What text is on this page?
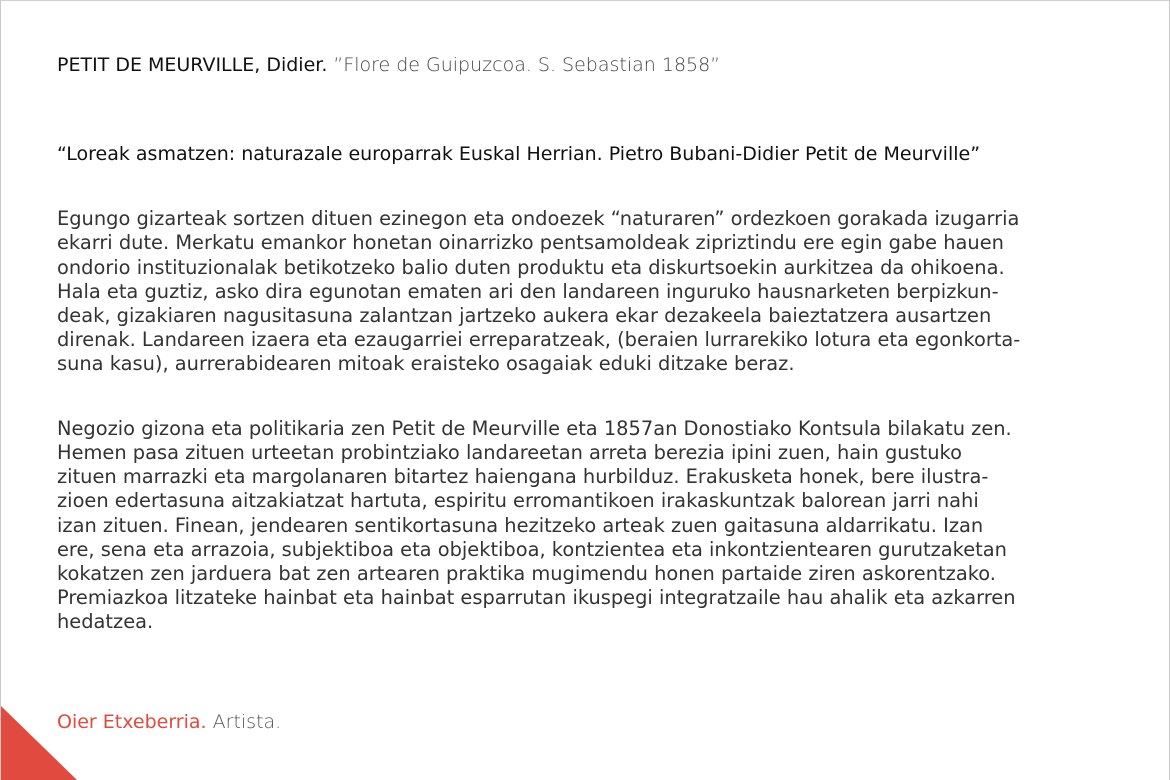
PETIT DE MEURVILLE, Didier. ”Flore de Guipuzcoa. S. Sebastian 1858”
“Loreak asmatzen: naturazale europarrak Euskal Herrian. Pietro Bubani-Didier Petit de Meurville”

Egungo gizarteak sortzen dituen ezinegon eta ondoezek “naturaren” ordezkoen gorakada izugarria
ekarri dute. Merkatu emankor honetan oinarrizko pentsamoldeak zipriztindu ere egin gabe hauen
ondorio instituzionalak betikotzeko balio duten produktu eta diskurtsoekin aurkitzea da ohikoena.
Hala eta guztiz, asko dira egunotan ematen ari den landareen inguruko hausnarketen berpizkun-
deak, gizakiaren nagusitasuna zalantzan jartzeko aukera ekar dezakeela baieztatzera ausartzen
direnak. Landareen izaera eta ezaugarriei erreparatzeak, (beraien lurrarekiko lotura eta egonkorta-
suna kasu), aurrerabidearen mitoak eraisteko osagaiak eduki ditzake beraz.

Negozio gizona eta politikaria zen Petit de Meurville eta 1857an Donostiako Kontsula bilakatu zen.
Hemen pasa zituen urteetan probintziako landareetan arreta berezia ipini zuen, hain gustuko
zituen marrazki eta margolanaren bitartez haiengana hurbilduz. Erakusketa honek, bere ilustra-
zioen edertasuna aitzakiatzat hartuta, espiritu erromantikoen irakaskuntzak balorean jarri nahi
izan zituen. Finean, jendearen sentikortasuna hezitzeko arteak zuen gaitasuna aldarrikatu. Izan
ere, sena eta arrazoia, subjektiboa eta objektiboa, kontzientea eta inkontzientearen gurutzaketan
kokatzen zen jarduera bat zen artearen praktika mugimendu honen partaide ziren askorentzako.
Premiazkoa litzateke hainbat eta hainbat esparrutan ikuspegi integratzaile hau ahalik eta azkarren
hedatzea.

Oier Etxeberria. Artista.
